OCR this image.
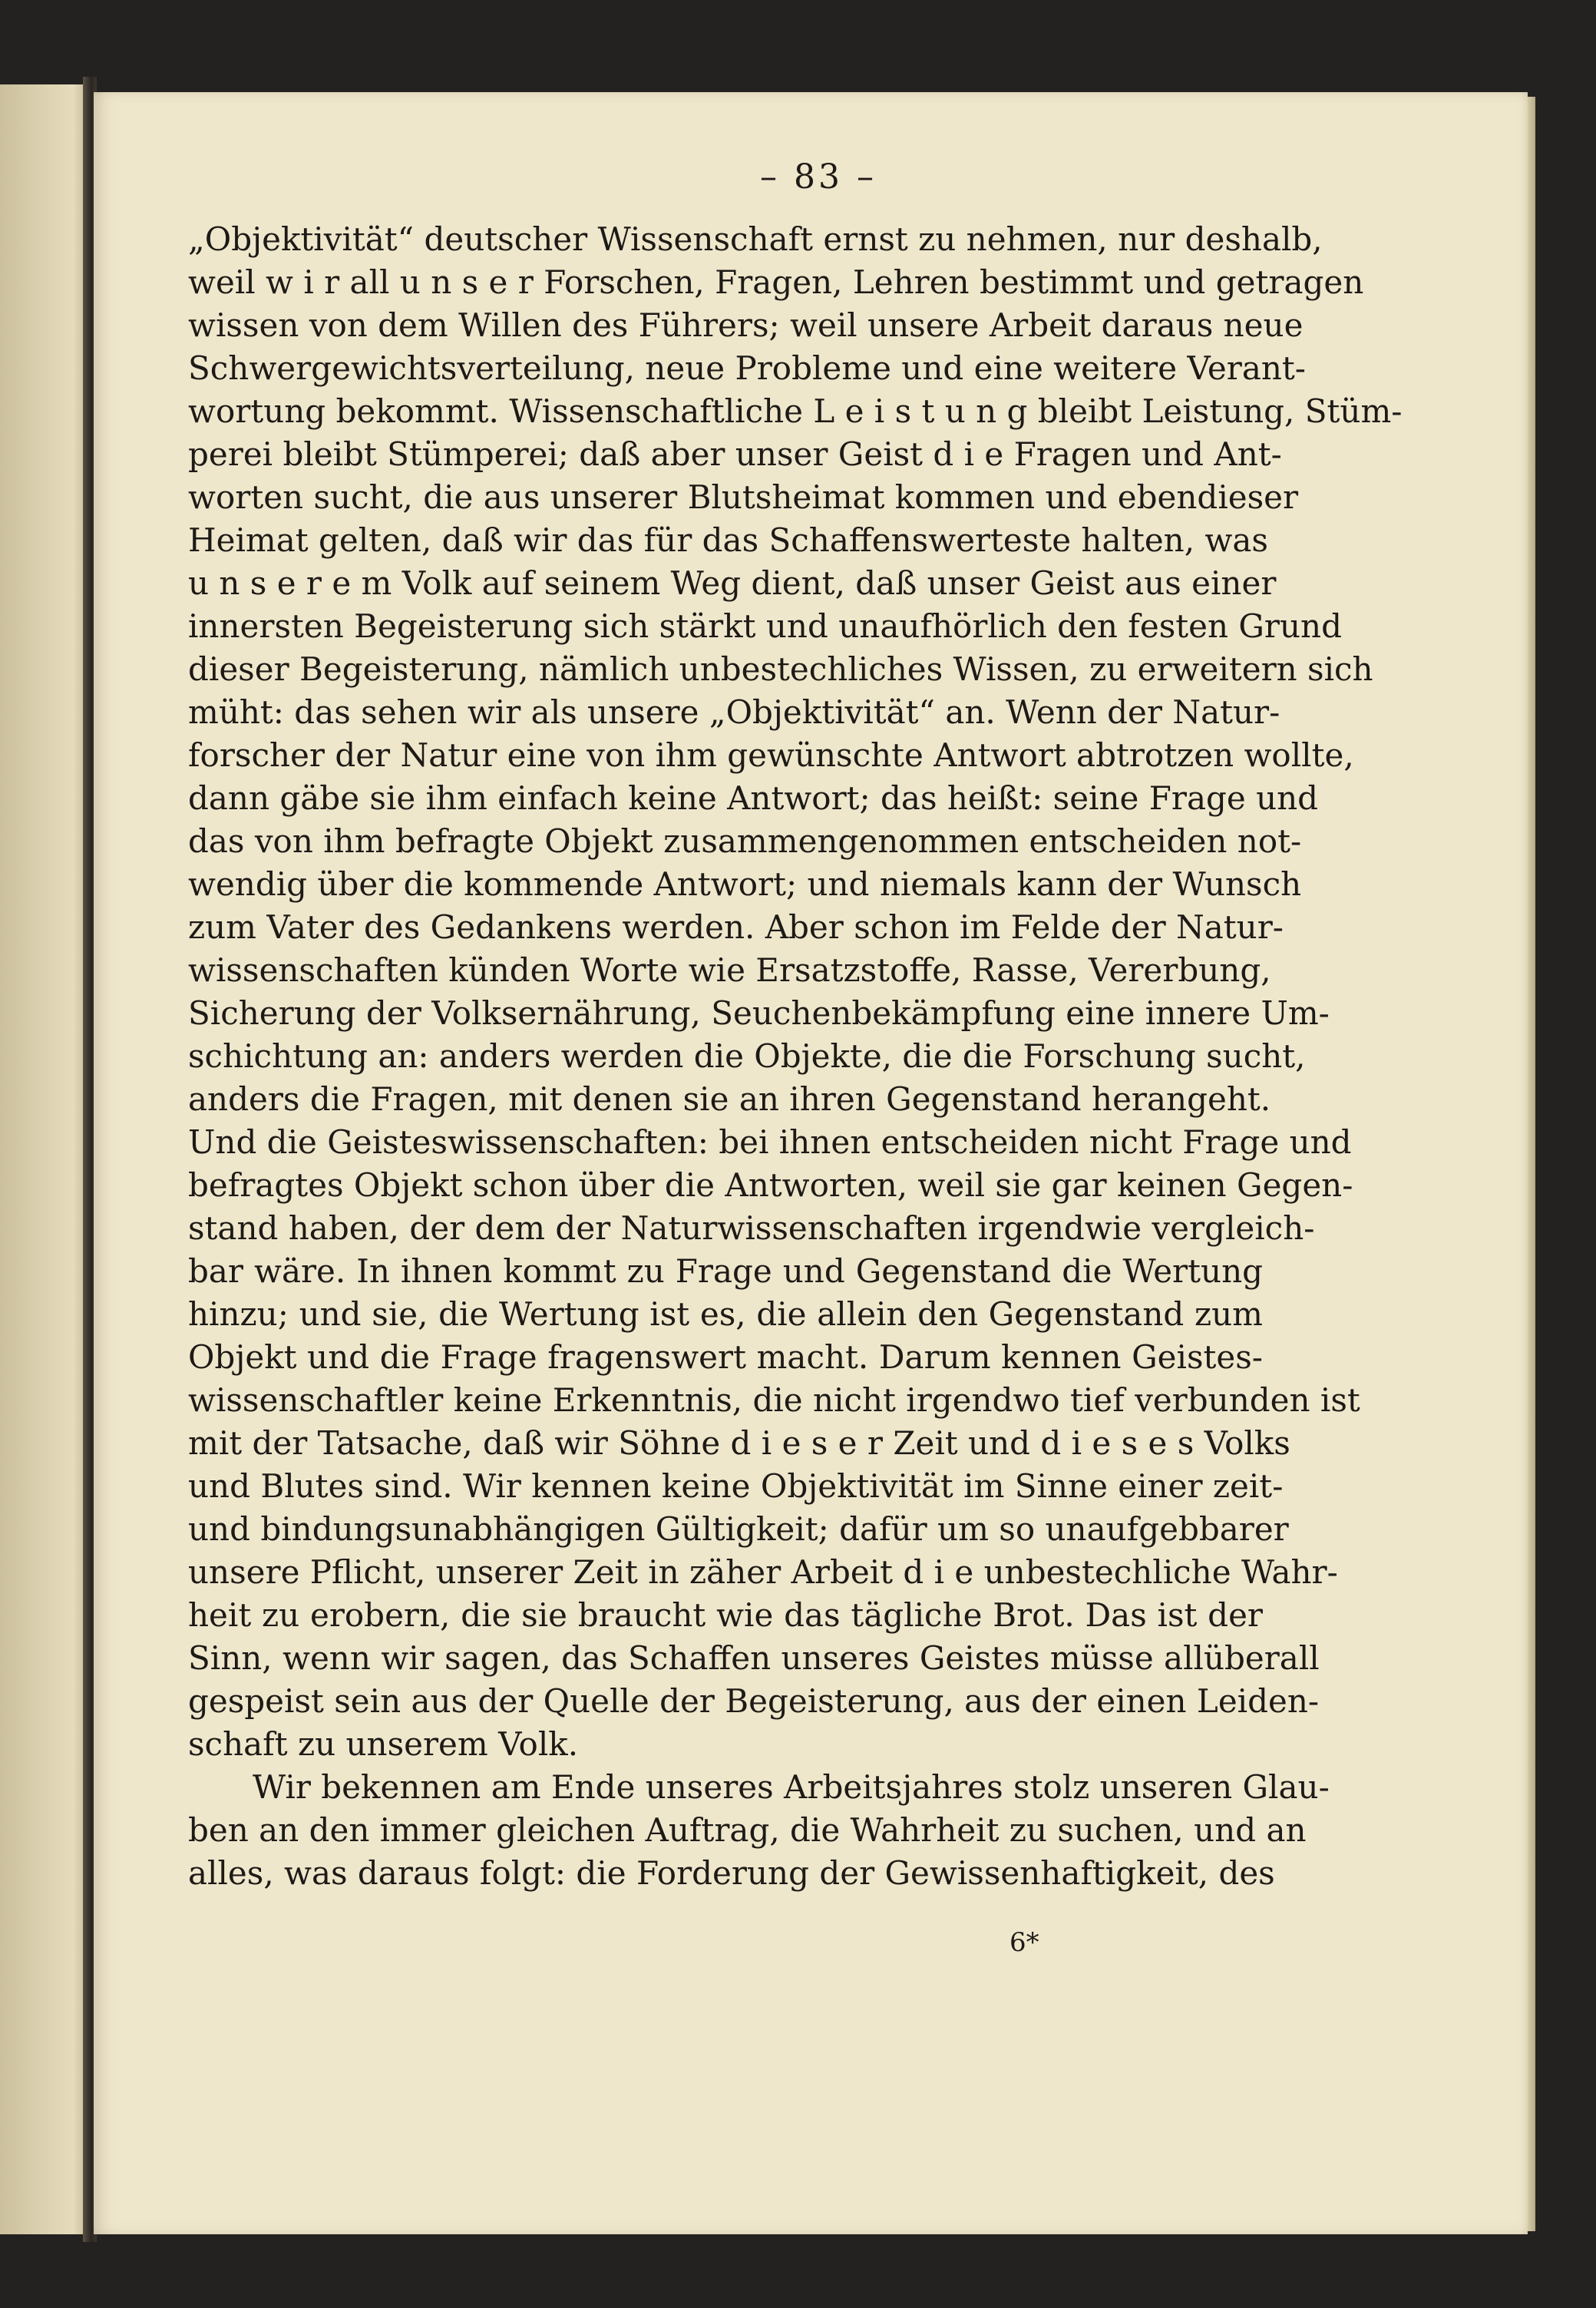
– 83 –
„Objektivität“ deutscher Wissenschaft ernst zu nehmen, nur deshalb,
weil w i r all u n s e r Forschen, Fragen, Lehren bestimmt und getragen
wissen von dem Willen des Führers; weil unsere Arbeit daraus neue
Schwergewichtsverteilung, neue Probleme und eine weitere Verant-
wortung bekommt. Wissenschaftliche L e i s t u n g bleibt Leistung, Stüm-
perei bleibt Stümperei; daß aber unser Geist d i e Fragen und Ant-
worten sucht, die aus unserer Blutsheimat kommen und ebendieser
Heimat gelten, daß wir das für das Schaffenswerteste halten, was
u n s e r e m Volk auf seinem Weg dient, daß unser Geist aus einer
innersten Begeisterung sich stärkt und unaufhörlich den festen Grund
dieser Begeisterung, nämlich unbestechliches Wissen, zu erweitern sich
müht: das sehen wir als unsere „Objektivität“ an. Wenn der Natur-
forscher der Natur eine von ihm gewünschte Antwort abtrotzen wollte,
dann gäbe sie ihm einfach keine Antwort; das heißt: seine Frage und
das von ihm befragte Objekt zusammengenommen entscheiden not-
wendig über die kommende Antwort; und niemals kann der Wunsch
zum Vater des Gedankens werden. Aber schon im Felde der Natur-
wissenschaften künden Worte wie Ersatzstoffe, Rasse, Vererbung,
Sicherung der Volksernährung, Seuchenbekämpfung eine innere Um-
schichtung an: anders werden die Objekte, die die Forschung sucht,
anders die Fragen, mit denen sie an ihren Gegenstand herangeht.
Und die Geisteswissenschaften: bei ihnen entscheiden nicht Frage und
befragtes Objekt schon über die Antworten, weil sie gar keinen Gegen-
stand haben, der dem der Naturwissenschaften irgendwie vergleich-
bar wäre. In ihnen kommt zu Frage und Gegenstand die Wertung
hinzu; und sie, die Wertung ist es, die allein den Gegenstand zum
Objekt und die Frage fragenswert macht. Darum kennen Geistes-
wissenschaftler keine Erkenntnis, die nicht irgendwo tief verbunden ist
mit der Tatsache, daß wir Söhne d i e s e r Zeit und d i e s e s Volks
und Blutes sind. Wir kennen keine Objektivität im Sinne einer zeit-
und bindungsunabhängigen Gültigkeit; dafür um so unaufgebbarer
unsere Pflicht, unserer Zeit in zäher Arbeit d i e unbestechliche Wahr-
heit zu erobern, die sie braucht wie das tägliche Brot. Das ist der
Sinn, wenn wir sagen, das Schaffen unseres Geistes müsse allüberall
gespeist sein aus der Quelle der Begeisterung, aus der einen Leiden-
schaft zu unserem Volk.
Wir bekennen am Ende unseres Arbeitsjahres stolz unseren Glau-
ben an den immer gleichen Auftrag, die Wahrheit zu suchen, und an
alles, was daraus folgt: die Forderung der Gewissenhaftigkeit, des
6*
